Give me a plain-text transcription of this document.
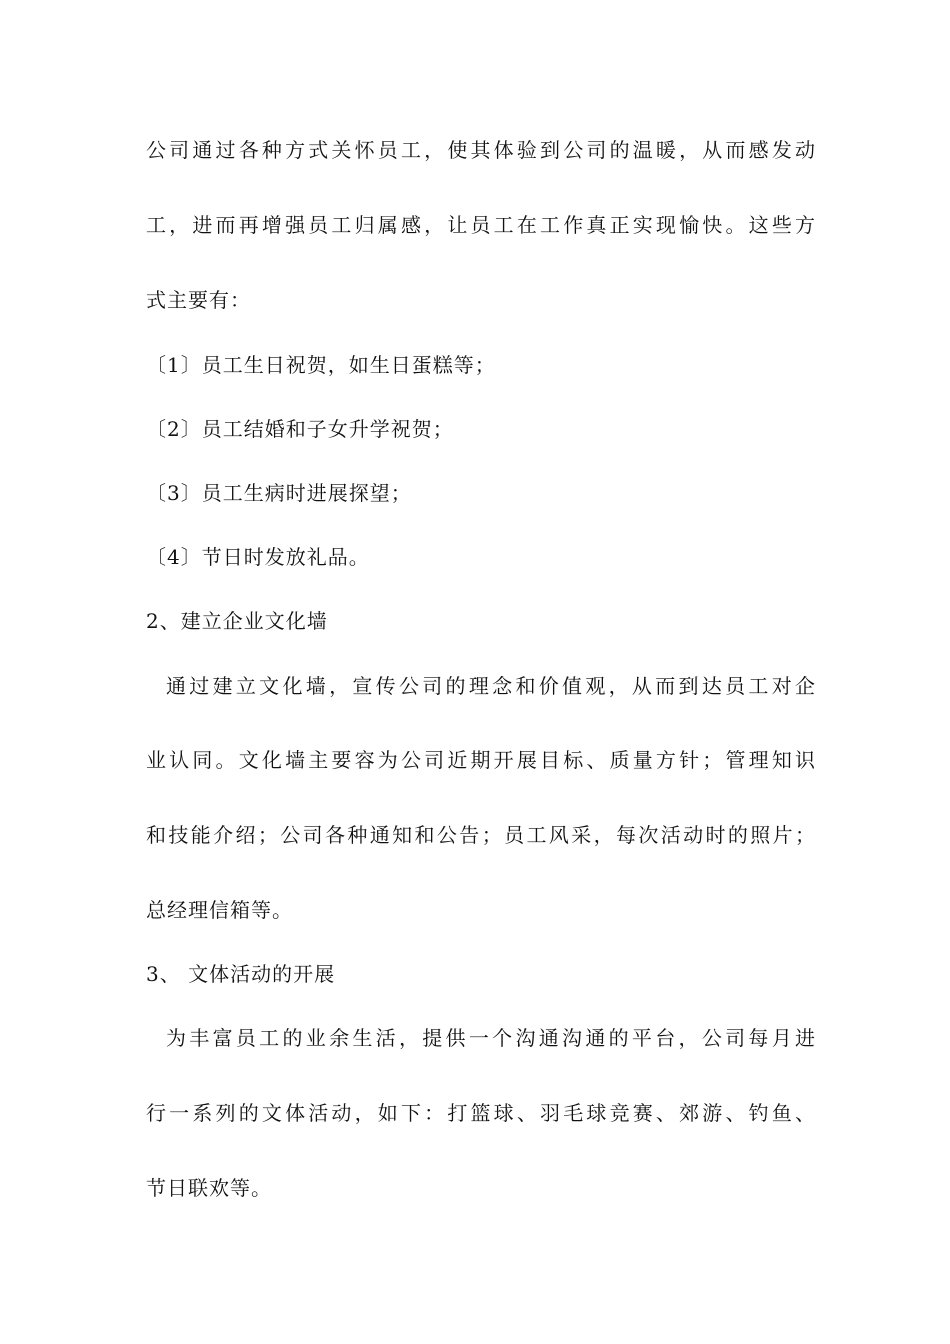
公司通过各种方式关怀员工，使其体验到公司的温暖，从而感发动
工，进而再增强员工归属感，让员工在工作真正实现愉快。这些方
式主要有：
〔1〕员工生日祝贺，如生日蛋糕等；
〔2〕员工结婚和子女升学祝贺；
〔3〕员工生病时进展探望；
〔4〕节日时发放礼品。
2、建立企业文化墙
通过建立文化墙，宣传公司的理念和价值观，从而到达员工对企
业认同。文化墙主要容为公司近期开展目标、质量方针；管理知识
和技能介绍；公司各种通知和公告；员工风采，每次活动时的照片；
总经理信箱等。
3、 文体活动的开展
为丰富员工的业余生活，提供一个沟通沟通的平台，公司每月进
行一系列的文体活动，如下：打篮球、羽毛球竞赛、郊游、钓鱼、
节日联欢等。
